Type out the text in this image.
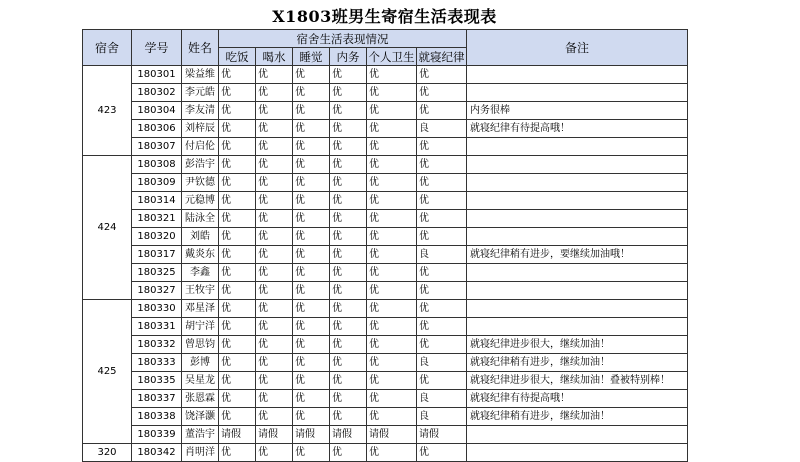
X1803班男生寄宿生活表现表
宿舍	学号	姓名	宿舍生活表现情况						备注
			吃饭	喝水	睡觉	内务	个人卫生	就寝纪律	
423	180301	梁益维	优	优	优	优	优	优	
	180302	李元皓	优	优	优	优	优	优	
	180304	李友清	优	优	优	优	优	优	内务很棒
	180306	刘梓辰	优	优	优	优	优	良	就寝纪律有待提高哦！
	180307	付启伦	优	优	优	优	优	优	
424	180308	彭浩宇	优	优	优	优	优	优	
	180309	尹钦德	优	优	优	优	优	优	
	180314	元稳博	优	优	优	优	优	优	
	180321	陆泳全	优	优	优	优	优	优	
	180320	刘皓	优	优	优	优	优	优	
	180317	戴炎东	优	优	优	优	优	良	就寝纪律稍有进步，要继续加油哦！
	180325	李鑫	优	优	优	优	优	优	
	180327	王牧宇	优	优	优	优	优	优	
425	180330	邓星泽	优	优	优	优	优	优	
	180331	胡宁洋	优	优	优	优	优	优	
	180332	曾思钧	优	优	优	优	优	优	就寝纪律进步很大，继续加油！
	180333	彭博	优	优	优	优	优	良	就寝纪律稍有进步，继续加油！
	180335	吴星龙	优	优	优	优	优	优	就寝纪律进步很大，继续加油！叠被特别棒！
	180337	张恩霖	优	优	优	优	优	良	就寝纪律有待提高哦！
	180338	饶泽灏	优	优	优	优	优	良	就寝纪律稍有进步，继续加油！
	180339	董浩宇	请假	请假	请假	请假	请假	请假	
320	180342	肖明洋	优	优	优	优	优	优	
